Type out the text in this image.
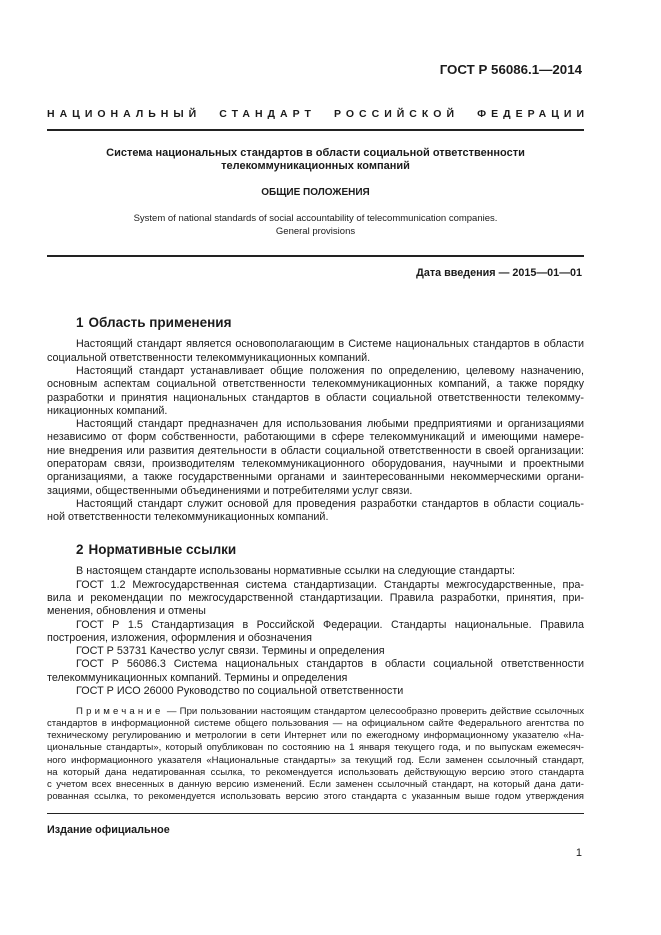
ГОСТ Р 56086.1—2014
НАЦИОНАЛЬНЫЙ СТАНДАРТ РОССИЙСКОЙ ФЕДЕРАЦИИ
Система национальных стандартов в области социальной ответственности
телекоммуникационных компаний
ОБЩИЕ ПОЛОЖЕНИЯ
System of national standards of social accountability of telecommunication companies.
General provisions
Дата введения — 2015—01—01
1 Область применения
Настоящий стандарт является основополагающим в Системе национальных стандартов в области
социальной ответственности телекоммуникационных компаний.
Настоящий стандарт устанавливает общие положения по определению, целевому назначению,
основным аспектам социальной ответственности телекоммуникационных компаний, а также порядку
разработки и принятия национальных стандартов в области социальной ответственности телекомму-
никационных компаний.
Настоящий стандарт предназначен для использования любыми предприятиями и организациями
независимо от форм собственности, работающими в сфере телекоммуникаций и имеющими намере-
ние внедрения или развития деятельности в области социальной ответственности в своей организации:
операторам связи, производителям телекоммуникационного оборудования, научными и проектными
организациями, а также государственными органами и заинтересованными некоммерческими органи-
зациями, общественными объединениями и потребителями услуг связи.
Настоящий стандарт служит основой для проведения разработки стандартов в области социаль-
ной ответственности телекоммуникационных компаний.
2 Нормативные ссылки
В настоящем стандарте использованы нормативные ссылки на следующие стандарты:
ГОСТ 1.2 Межгосударственная система стандартизации. Стандарты межгосударственные, пра-
вила и рекомендации по межгосударственной стандартизации. Правила разработки, принятия, при-
менения, обновления и отмены
ГОСТ Р 1.5 Стандартизация в Российской Федерации. Стандарты национальные. Правила
построения, изложения, оформления и обозначения
ГОСТ Р 53731 Качество услуг связи. Термины и определения
ГОСТ Р 56086.3 Система национальных стандартов в области социальной ответственности
телекоммуникационных компаний. Термины и определения
ГОСТ Р ИСО 26000 Руководство по социальной ответственности
Примечание — При пользовании настоящим стандартом целесообразно проверить действие ссылочных
стандартов в информационной системе общего пользования — на официальном сайте Федерального агентства по
техническому регулированию и метрологии в сети Интернет или по ежегодному информационному указателю «На-
циональные стандарты», который опубликован по состоянию на 1 января текущего года, и по выпускам ежемесяч-
ного информационного указателя «Национальные стандарты» за текущий год. Если заменен ссылочный стандарт,
на который дана недатированная ссылка, то рекомендуется использовать действующую версию этого стандарта
с учетом всех внесенных в данную версию изменений. Если заменен ссылочный стандарт, на который дана дати-
рованная ссылка, то рекомендуется использовать версию этого стандарта с указанным выше годом утверждения
Издание официальное
1
